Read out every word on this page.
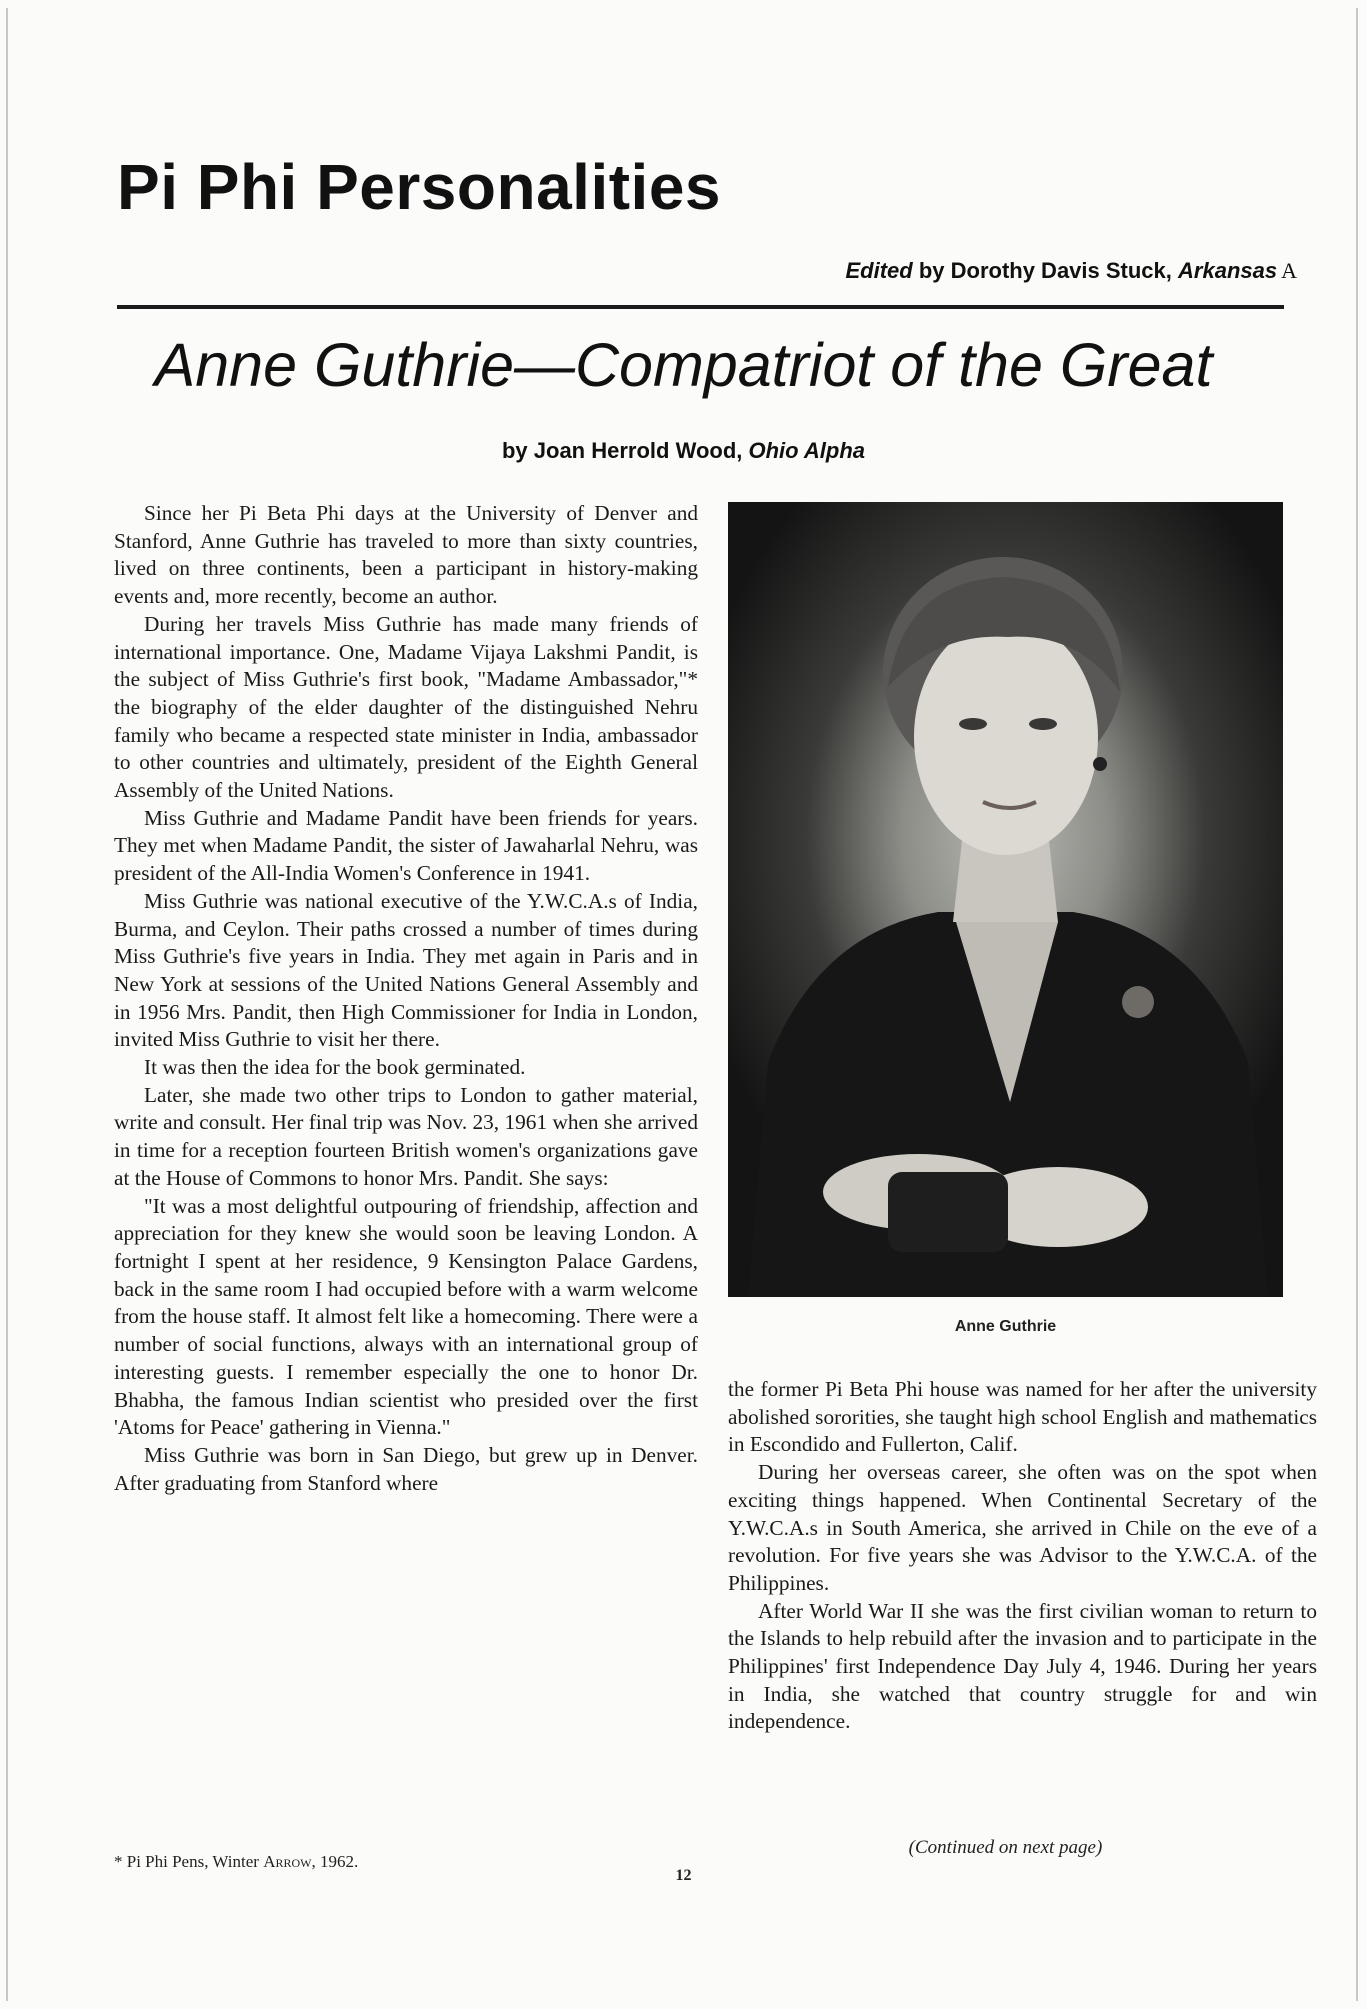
Pi Phi Personalities
Edited by Dorothy Davis Stuck, Arkansas A
Anne Guthrie—Compatriot of the Great
by Joan Herrold Wood, Ohio Alpha

Since her Pi Beta Phi days at the University of Denver and Stanford, Anne Guthrie has traveled to more than sixty countries, lived on three continents, been a participant in history-making events and, more recently, become an author.

During her travels Miss Guthrie has made many friends of international importance. One, Madame Vijaya Lakshmi Pandit, is the subject of Miss Guthrie's first book, "Madame Ambassador,"* the biography of the elder daughter of the distinguished Nehru family who became a respected state minister in India, ambassador to other countries and ultimately, president of the Eighth General Assembly of the United Nations.

Miss Guthrie and Madame Pandit have been friends for years. They met when Madame Pandit, the sister of Jawaharlal Nehru, was president of the All-India Women's Conference in 1941.

Miss Guthrie was national executive of the Y.W.C.A.s of India, Burma, and Ceylon. Their paths crossed a number of times during Miss Guthrie's five years in India. They met again in Paris and in New York at sessions of the United Nations General Assembly and in 1956 Mrs. Pandit, then High Commissioner for India in London, invited Miss Guthrie to visit her there.

It was then the idea for the book germinated.

Later, she made two other trips to London to gather material, write and consult. Her final trip was Nov. 23, 1961 when she arrived in time for a reception fourteen British women's organizations gave at the House of Commons to honor Mrs. Pandit. She says:

"It was a most delightful outpouring of friendship, affection and appreciation for they knew she would soon be leaving London. A fortnight I spent at her residence, 9 Kensington Palace Gardens, back in the same room I had occupied before with a warm welcome from the house staff. It almost felt like a homecoming. There were a number of social functions, always with an international group of interesting guests. I remember especially the one to honor Dr. Bhabha, the famous Indian scientist who presided over the first 'Atoms for Peace' gathering in Vienna."

Miss Guthrie was born in San Diego, but grew up in Denver. After graduating from Stanford where

Anne Guthrie

the former Pi Beta Phi house was named for her after the university abolished sororities, she taught high school English and mathematics in Escondido and Fullerton, Calif.

During her overseas career, she often was on the spot when exciting things happened. When Continental Secretary of the Y.W.C.A.s in South America, she arrived in Chile on the eve of a revolution. For five years she was Advisor to the Y.W.C.A. of the Philippines.

After World War II she was the first civilian woman to return to the Islands to help rebuild after the invasion and to participate in the Philippines' first Independence Day July 4, 1946. During her years in India, she watched that country struggle for and win independence.

* Pi Phi Pens, Winter Arrow, 1962.
(Continued on next page)
12
